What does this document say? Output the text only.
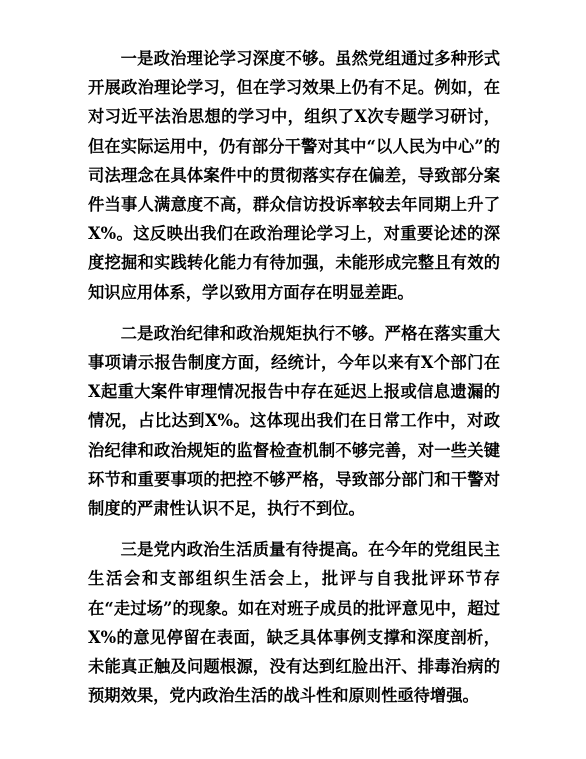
一是政治理论学习深度不够。虽然党组通过多种形式开展政治理论学习，但在学习效果上仍有不足。例如，在对习近平法治思想的学习中，组织了X次专题学习研讨，但在实际运用中，仍有部分干警对其中“以人民为中心”的司法理念在具体案件中的贯彻落实存在偏差，导致部分案件当事人满意度不高，群众信访投诉率较去年同期上升了X%。这反映出我们在政治理论学习上，对重要论述的深度挖掘和实践转化能力有待加强，未能形成完整且有效的知识应用体系，学以致用方面存在明显差距。

二是政治纪律和政治规矩执行不够。严格在落实重大事项请示报告制度方面，经统计，今年以来有X个部门在X起重大案件审理情况报告中存在延迟上报或信息遗漏的情况，占比达到X%。这体现出我们在日常工作中，对政治纪律和政治规矩的监督检查机制不够完善，对一些关键环节和重要事项的把控不够严格，导致部分部门和干警对制度的严肃性认识不足，执行不到位。

三是党内政治生活质量有待提高。在今年的党组民主生活会和支部组织生活会上，批评与自我批评环节存在“走过场”的现象。如在对班子成员的批评意见中，超过X%的意见停留在表面，缺乏具体事例支撑和深度剖析，未能真正触及问题根源，没有达到红脸出汗、排毒治病的预期效果，党内政治生活的战斗性和原则性亟待增强。
